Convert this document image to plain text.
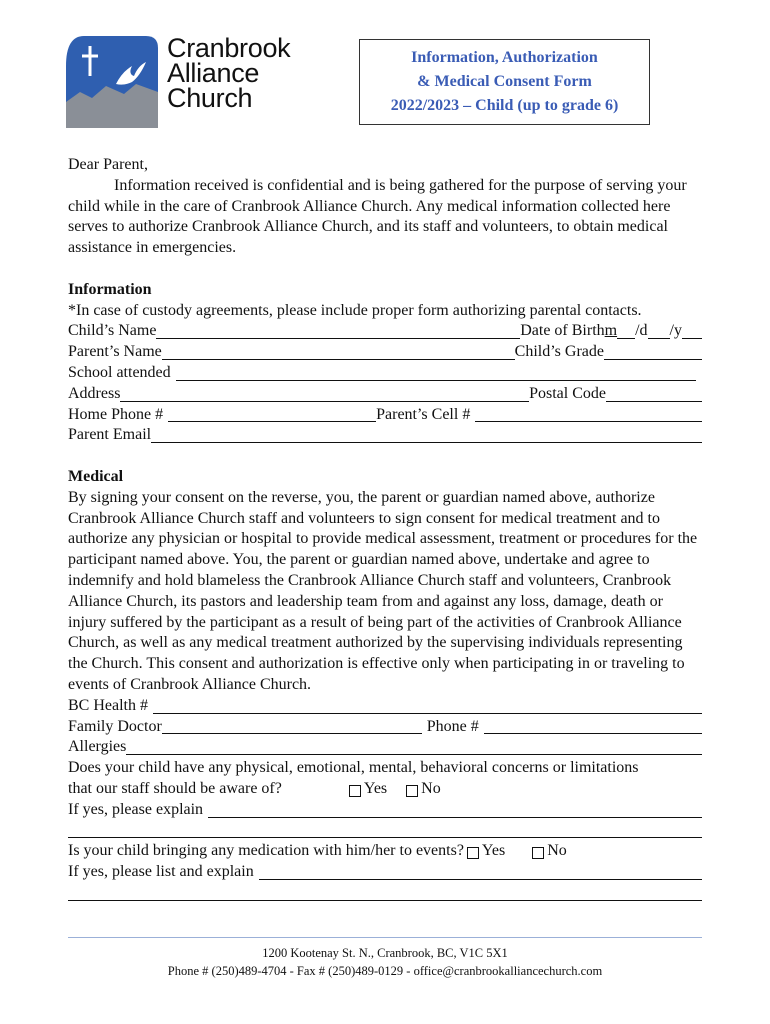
Cranbrook
Alliance
Church
Information, Authorization
& Medical Consent Form
2022/2023 – Child (up to grade 6)
Dear Parent,
Information received is confidential and is being gathered for the purpose of serving your child while in the care of Cranbrook Alliance Church. Any medical information collected here serves to authorize Cranbrook Alliance Church, and its staff and volunteers, to obtain medical assistance in emergencies.
Information
*In case of custody agreements, please include proper form authorizing parental contacts.
Child’s Name	Date of Birth m /d /y
Parent’s Name	Child’s Grade
School attended
Address	Postal Code
Home Phone #	Parent’s Cell #
Parent Email
Medical
By signing your consent on the reverse, you, the parent or guardian named above, authorize Cranbrook Alliance Church staff and volunteers to sign consent for medical treatment and to authorize any physician or hospital to provide medical assessment, treatment or procedures for the participant named above. You, the parent or guardian named above, undertake and agree to indemnify and hold blameless the Cranbrook Alliance Church staff and volunteers, Cranbrook Alliance Church, its pastors and leadership team from and against any loss, damage, death or injury suffered by the participant as a result of being part of the activities of Cranbrook Alliance Church, as well as any medical treatment authorized by the supervising individuals representing the Church. This consent and authorization is effective only when participating in or traveling to events of Cranbrook Alliance Church.
BC Health #
Family Doctor	Phone #
Allergies
Does your child have any physical, emotional, mental, behavioral concerns or limitations
that our staff should be aware of?	Yes No
If yes, please explain
Is your child bringing any medication with him/her to events? Yes	No
If yes, please list and explain
1200 Kootenay St. N., Cranbrook, BC, V1C 5X1
Phone # (250)489-4704 - Fax # (250)489-0129 - office@cranbrookalliancechurch.com
